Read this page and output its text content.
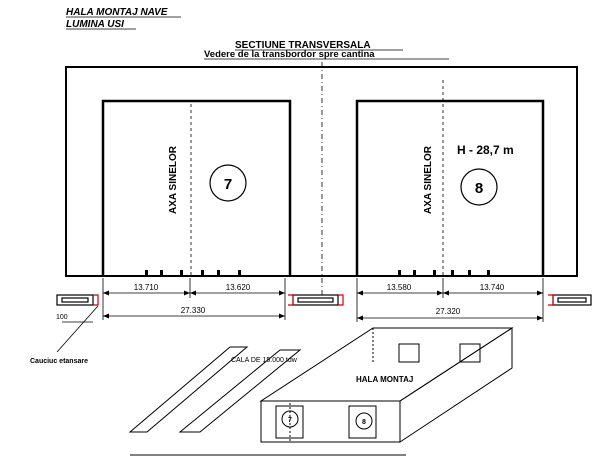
HALA MONTAJ NAVE
LUMINA USI
SECTIUNE TRANSVERSALA
Vedere de la transbordor spre cantina
AXA SINELOR	AXA SINELOR
7	8
H - 28,7 m
13.710	13.620
27.330
13.580	13.740
27.320
100
Cauciuc etansare	CALA DE 15.000 tdw
7	8
HALA MONTAJ
